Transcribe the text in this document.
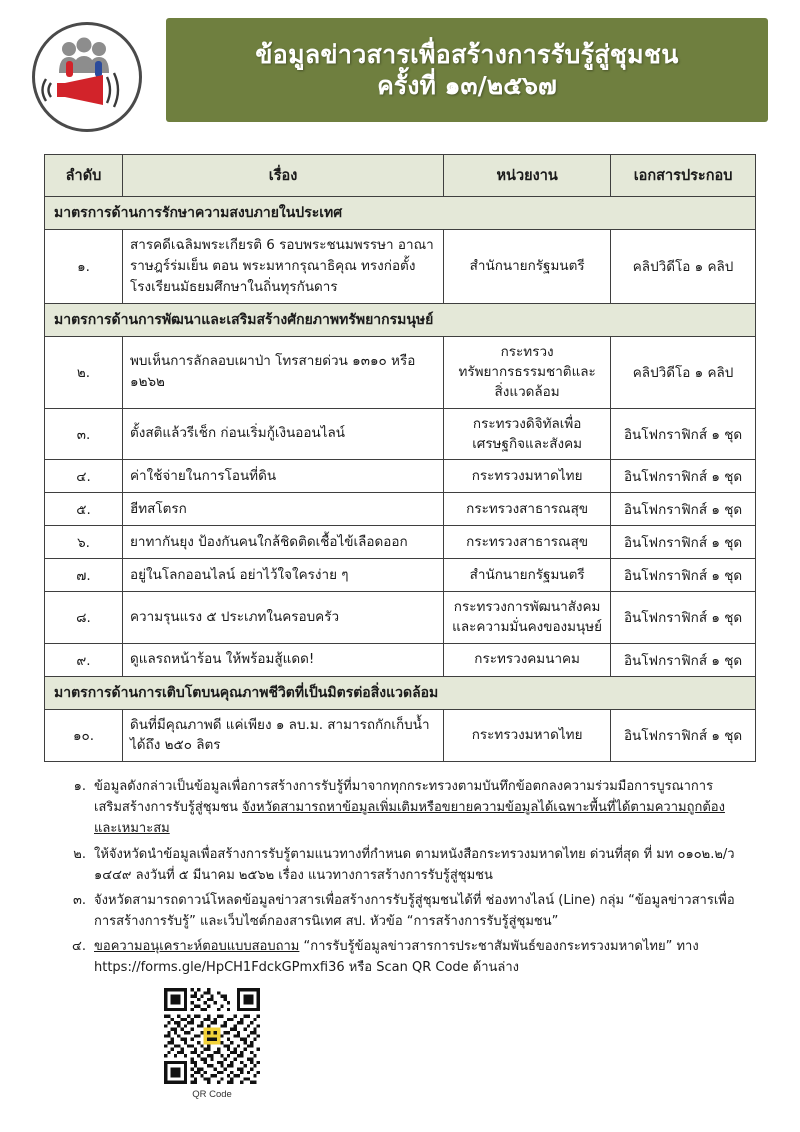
ข้อมูลข่าวสารเพื่อสร้างการรับรู้สู่ชุมชน
ครั้งที่ ๑๓/๒๕๖๗
ลำดับ	เรื่อง	หน่วยงาน	เอกสารประกอบ
มาตรการด้านการรักษาความสงบภายในประเทศ			
๑.	สารคดีเฉลิมพระเกียรติ 6 รอบพระชนมพรรษา อาณาราษฎร์ร่มเย็น ตอน พระมหากรุณาธิคุณ ทรงก่อตั้งโรงเรียนมัธยมศึกษาในถิ่นทุรกันดาร	สำนักนายกรัฐมนตรี	คลิปวิดีโอ ๑ คลิป
มาตรการด้านการพัฒนาและเสริมสร้างศักยภาพทรัพยากรมนุษย์			
๒.	พบเห็นการลักลอบเผาป่า โทรสายด่วน ๑๓๑๐ หรือ ๑๒๖๒	กระทรวงทรัพยากรธรรมชาติและสิ่งแวดล้อม	คลิปวิดีโอ ๑ คลิป
๓.	ตั้งสติแล้วรีเช็ก ก่อนเริ่มกู้เงินออนไลน์	กระทรวงดิจิทัลเพื่อเศรษฐกิจและสังคม	อินโฟกราฟิกส์ ๑ ชุด
๔.	ค่าใช้จ่ายในการโอนที่ดิน	กระทรวงมหาดไทย	อินโฟกราฟิกส์ ๑ ชุด
๕.	ฮีทสโตรก	กระทรวงสาธารณสุข	อินโฟกราฟิกส์ ๑ ชุด
๖.	ยาทากันยุง ป้องกันคนใกล้ชิดติดเชื้อไข้เลือดออก	กระทรวงสาธารณสุข	อินโฟกราฟิกส์ ๑ ชุด
๗.	อยู่ในโลกออนไลน์ อย่าไว้ใจใครง่าย ๆ	สำนักนายกรัฐมนตรี	อินโฟกราฟิกส์ ๑ ชุด
๘.	ความรุนแรง ๕ ประเภทในครอบครัว	กระทรวงการพัฒนาสังคมและความมั่นคงของมนุษย์	อินโฟกราฟิกส์ ๑ ชุด
๙.	ดูแลรถหน้าร้อน ให้พร้อมสู้แดด!	กระทรวงคมนาคม	อินโฟกราฟิกส์ ๑ ชุด
มาตรการด้านการเติบโตบนคุณภาพชีวิตที่เป็นมิตรต่อสิ่งแวดล้อม			
๑๐.	ดินที่มีคุณภาพดี แค่เพียง ๑ ลบ.ม. สามารถกักเก็บน้ำได้ถึง ๒๕๐ ลิตร	กระทรวงมหาดไทย	อินโฟกราฟิกส์ ๑ ชุด
๑. ข้อมูลดังกล่าวเป็นข้อมูลเพื่อการสร้างการรับรู้ที่มาจากทุกกระทรวงตามบันทึกข้อตกลงความร่วมมือการบูรณาการเสริมสร้างการรับรู้สู่ชุมชน จังหวัดสามารถหาข้อมูลเพิ่มเติมหรือขยายความข้อมูลได้เฉพาะพื้นที่ได้ตามความถูกต้องและเหมาะสม
๒. ให้จังหวัดนำข้อมูลเพื่อสร้างการรับรู้ตามแนวทางที่กำหนด ตามหนังสือกระทรวงมหาดไทย ด่วนที่สุด ที่ มท ๐๑๐๒.๒/ว ๑๔๔๙ ลงวันที่ ๕ มีนาคม ๒๕๖๒ เรื่อง แนวทางการสร้างการรับรู้สู่ชุมชน
๓. จังหวัดสามารถดาวน์โหลดข้อมูลข่าวสารเพื่อสร้างการรับรู้สู่ชุมชนได้ที่ ช่องทางไลน์ (Line) กลุ่ม “ข้อมูลข่าวสารเพื่อการสร้างการรับรู้” และเว็บไซต์กองสารนิเทศ สป. หัวข้อ “การสร้างการรับรู้สู่ชุมชน”
๔. ขอความอนุเคราะห์ตอบแบบสอบถาม “การรับรู้ข้อมูลข่าวสารการประชาสัมพันธ์ของกระทรวงมหาดไทย” ทาง https://forms.gle/HpCH1FdckGPmxfi36 หรือ Scan QR Code ด้านล่าง
QR Code
